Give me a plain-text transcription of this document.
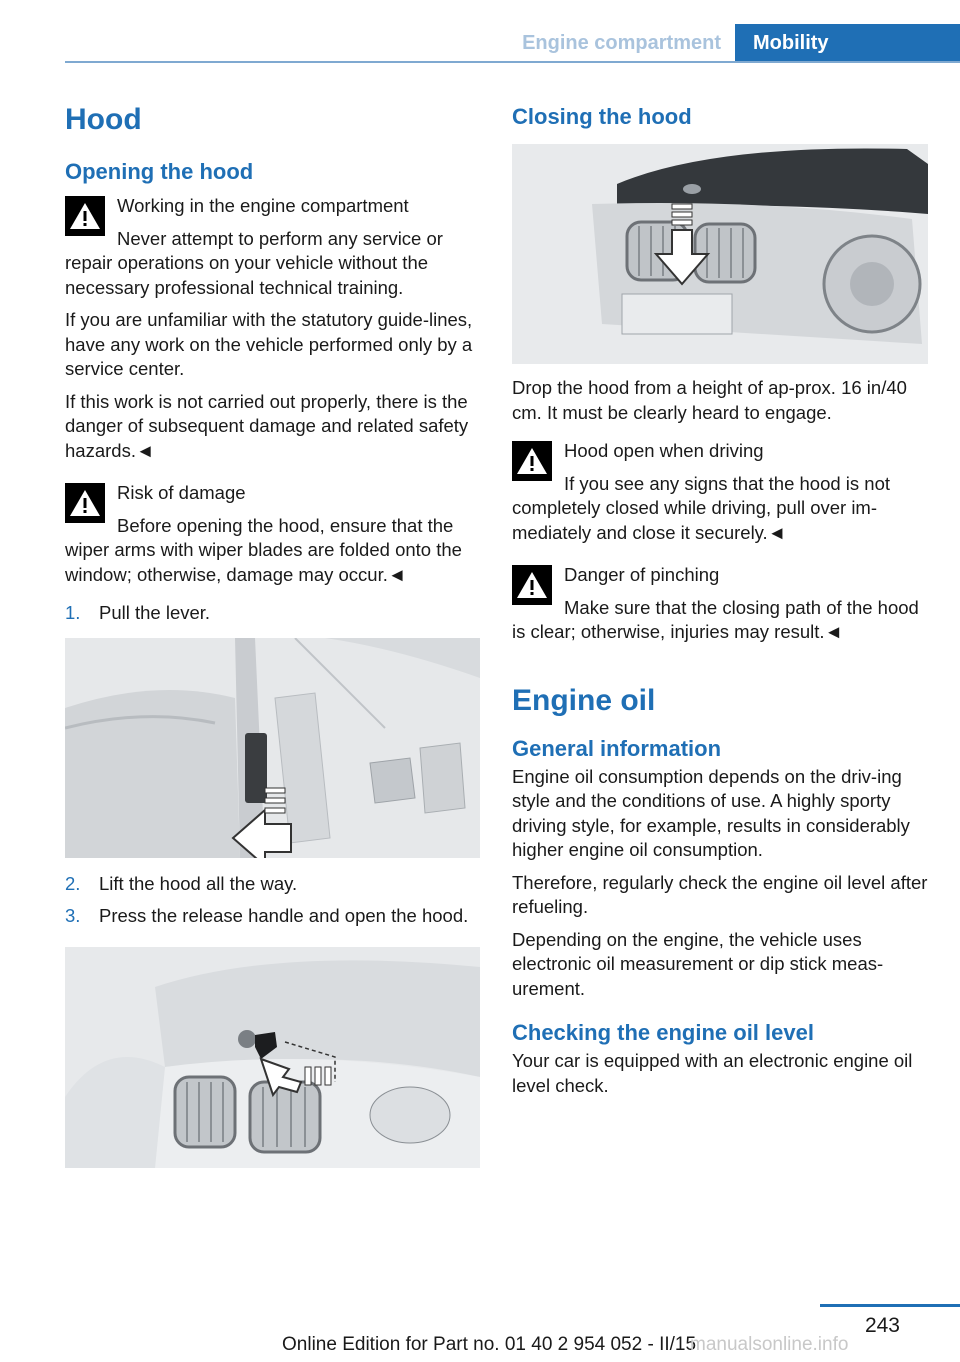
Engine compartment	Mobility
Hood
Opening the hood
Working in the engine compartment

Never attempt to perform any service or repair operations on your vehicle without the necessary professional technical training.

If you are unfamiliar with the statutory guide-lines, have any work on the vehicle performed only by a service center.

If this work is not carried out properly, there is the danger of subsequent damage and related safety hazards.◄

Risk of damage

Before opening the hood, ensure that the wiper arms with wiper blades are folded onto the window; otherwise, damage may occur.◄

1.	Pull the lever.
2.	Lift the hood all the way.
3.	Press the release handle and open the hood.
Closing the hood

Drop the hood from a height of ap-prox. 16 in/40 cm. It must be clearly heard to engage.

Hood open when driving

If you see any signs that the hood is not completely closed while driving, pull over im-mediately and close it securely.◄

Danger of pinching

Make sure that the closing path of the hood is clear; otherwise, injuries may result.◄

Engine oil
General information

Engine oil consumption depends on the driv-ing style and the conditions of use. A highly sporty driving style, for example, results in considerably higher engine oil consumption.

Therefore, regularly check the engine oil level after refueling.

Depending on the engine, the vehicle uses electronic oil measurement or dip stick meas-urement.

Checking the engine oil level

Your car is equipped with an electronic engine oil level check.

243
Online Edition for Part no. 01 40 2 954 052 - II/15
manualsonline.info
